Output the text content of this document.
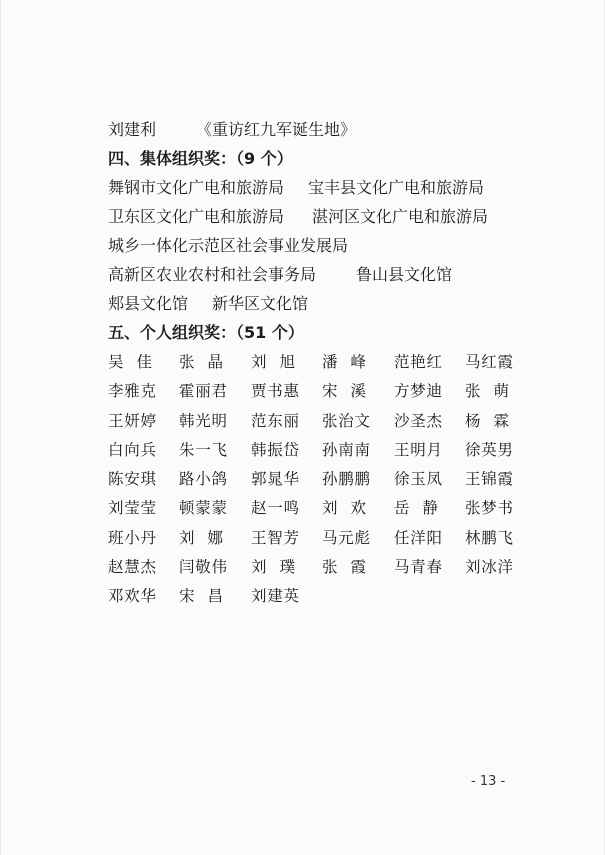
刘建利	《重访红九军诞生地》
四、集体组织奖：（9 个）
舞钢市文化广电和旅游局 宝丰县文化广电和旅游局
卫东区文化广电和旅游局 湛河区文化广电和旅游局
城乡一体化示范区社会事业发展局
高新区农业农村和社会事务局	鲁山县文化馆
郏县文化馆 新华区文化馆
五、个人组织奖：（51 个）
吴佳 张晶 刘旭 潘峰 范艳红 马红霞
李雅克 霍丽君 贾书惠 宋溪 方梦迪 张萌
王妍婷 韩光明 范东丽 张治文 沙圣杰 杨霖
白向兵 朱一飞 韩振岱 孙南南 王明月 徐英男
陈安琪 路小鸽 郭晁华 孙鹏鹏 徐玉凤 王锦霞
刘莹莹 顿蒙蒙 赵一鸣 刘欢 岳静 张梦书
班小丹 刘娜 王智芳 马元彪 任洋阳 林鹏飞
赵慧杰 闫敬伟 刘璞 张霞 马青春 刘冰洋
邓欢华 宋昌 刘建英
- 13 -
